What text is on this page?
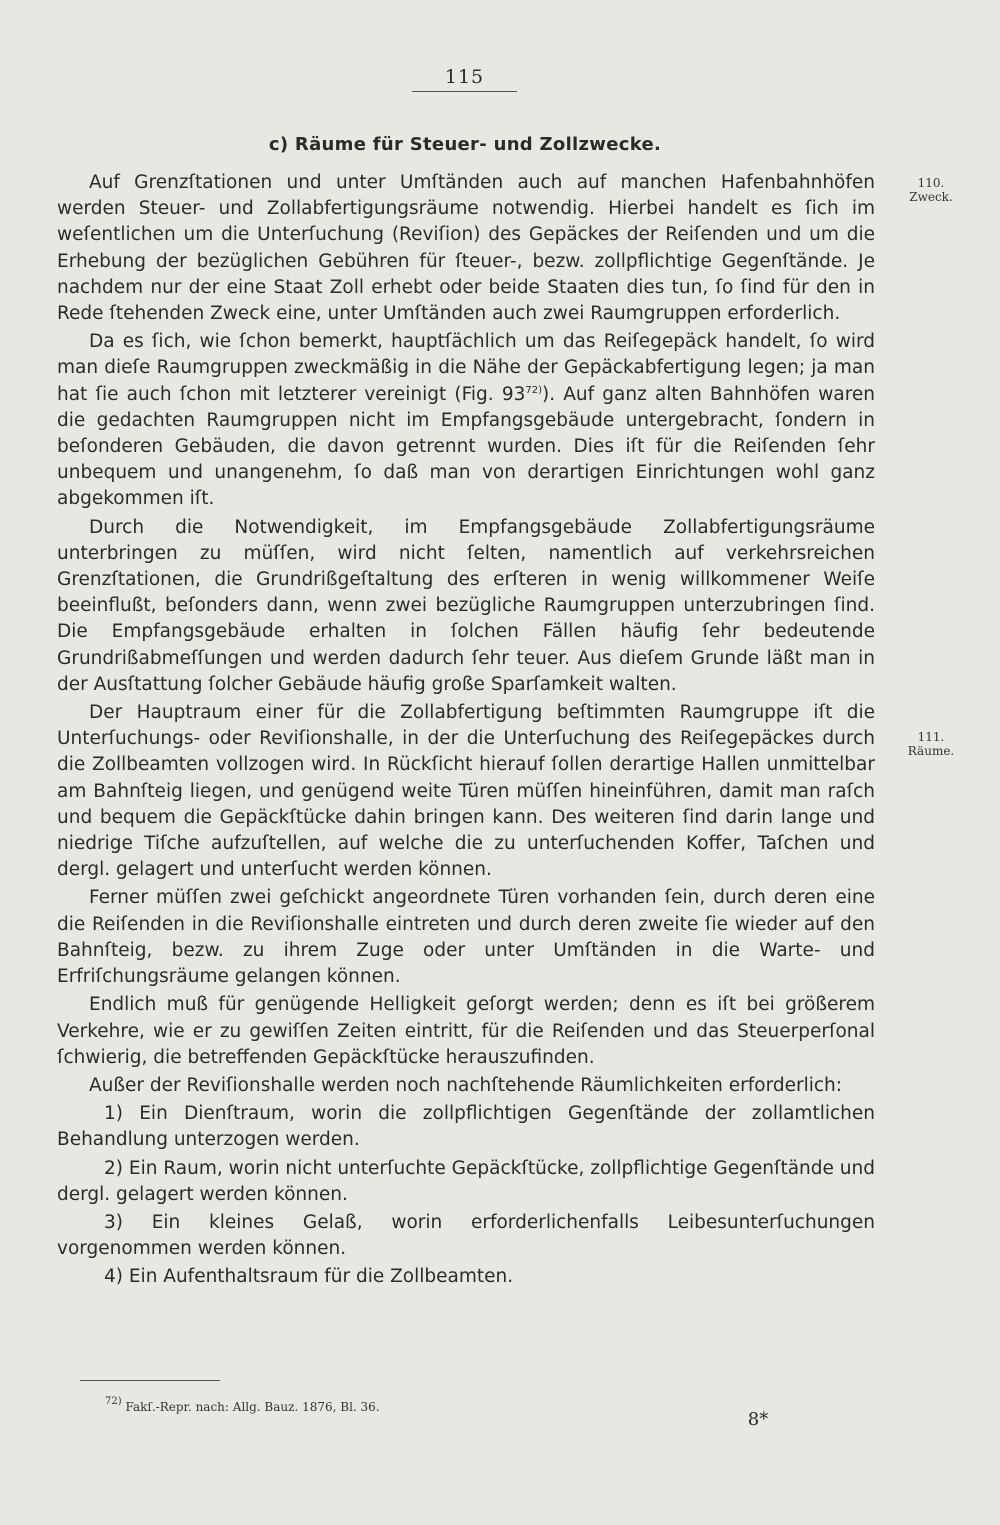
115
c) Räume für Steuer- und Zollzwecke.
110.
Zweck.
111.
Räume.

Auf Grenzſtationen und unter Umſtänden auch auf manchen Hafenbahnhöfen werden Steuer- und Zollabfertigungsräume notwendig. Hierbei handelt es ſich im weſentlichen um die Unterſuchung (Reviſion) des Gepäckes der Reiſenden und um die Erhebung der bezüglichen Gebühren für ſteuer-, bezw. zollpflichtige Gegenſtände. Je nachdem nur der eine Staat Zoll erhebt oder beide Staaten dies tun, ſo ſind für den in Rede ſtehenden Zweck eine, unter Umſtänden auch zwei Raumgruppen erforderlich.

Da es ſich, wie ſchon bemerkt, hauptſächlich um das Reiſegepäck handelt, ſo wird man dieſe Raumgruppen zweckmäßig in die Nähe der Gepäckabfertigung legen; ja man hat ſie auch ſchon mit letzterer vereinigt (Fig. 93$^{72)}$). Auf ganz alten Bahnhöfen waren die gedachten Raumgruppen nicht im Empfangsgebäude untergebracht, ſondern in beſonderen Gebäuden, die davon getrennt wurden. Dies iſt für die Reiſenden ſehr unbequem und unangenehm, ſo daß man von derartigen Einrichtungen wohl ganz abgekommen iſt.

Durch die Notwendigkeit, im Empfangsgebäude Zollabfertigungsräume unterbringen zu müſſen, wird nicht ſelten, namentlich auf verkehrsreichen Grenzſtationen, die Grundrißgeſtaltung des erſteren in wenig willkommener Weiſe beeinflußt, beſonders dann, wenn zwei bezügliche Raumgruppen unterzubringen ſind. Die Empfangsgebäude erhalten in ſolchen Fällen häufig ſehr bedeutende Grundrißabmeſſungen und werden dadurch ſehr teuer. Aus dieſem Grunde läßt man in der Ausſtattung ſolcher Gebäude häufig große Sparſamkeit walten.

Der Hauptraum einer für die Zollabfertigung beſtimmten Raumgruppe iſt die Unterſuchungs- oder Reviſionshalle, in der die Unterſuchung des Reiſegepäckes durch die Zollbeamten vollzogen wird. In Rückſicht hierauf ſollen derartige Hallen unmittelbar am Bahnſteig liegen, und genügend weite Türen müſſen hineinführen, damit man raſch und bequem die Gepäckſtücke dahin bringen kann. Des weiteren ſind darin lange und niedrige Tiſche aufzuſtellen, auf welche die zu unterſuchenden Koffer, Taſchen und dergl. gelagert und unterſucht werden können.

Ferner müſſen zwei geſchickt angeordnete Türen vorhanden ſein, durch deren eine die Reiſenden in die Reviſionshalle eintreten und durch deren zweite ſie wieder auf den Bahnſteig, bezw. zu ihrem Zuge oder unter Umſtänden in die Warte- und Erfriſchungsräume gelangen können.

Endlich muß für genügende Helligkeit geſorgt werden; denn es iſt bei größerem Verkehre, wie er zu gewiſſen Zeiten eintritt, für die Reiſenden und das Steuerperſonal ſchwierig, die betreffenden Gepäckſtücke herauszufinden.

Außer der Reviſionshalle werden noch nachſtehende Räumlichkeiten erforderlich:

1) Ein Dienſtraum, worin die zollpflichtigen Gegenſtände der zollamtlichen Behandlung unterzogen werden.

2) Ein Raum, worin nicht unterſuchte Gepäckſtücke, zollpflichtige Gegenſtände und dergl. gelagert werden können.

3) Ein kleines Gelaß, worin erforderlichenfalls Leibesunterſuchungen vorgenommen werden können.

4) Ein Aufenthaltsraum für die Zollbeamten.

$^{72)}$ Fakſ.-Repr. nach: Allg. Bauz. 1876, Bl. 36.
8*
